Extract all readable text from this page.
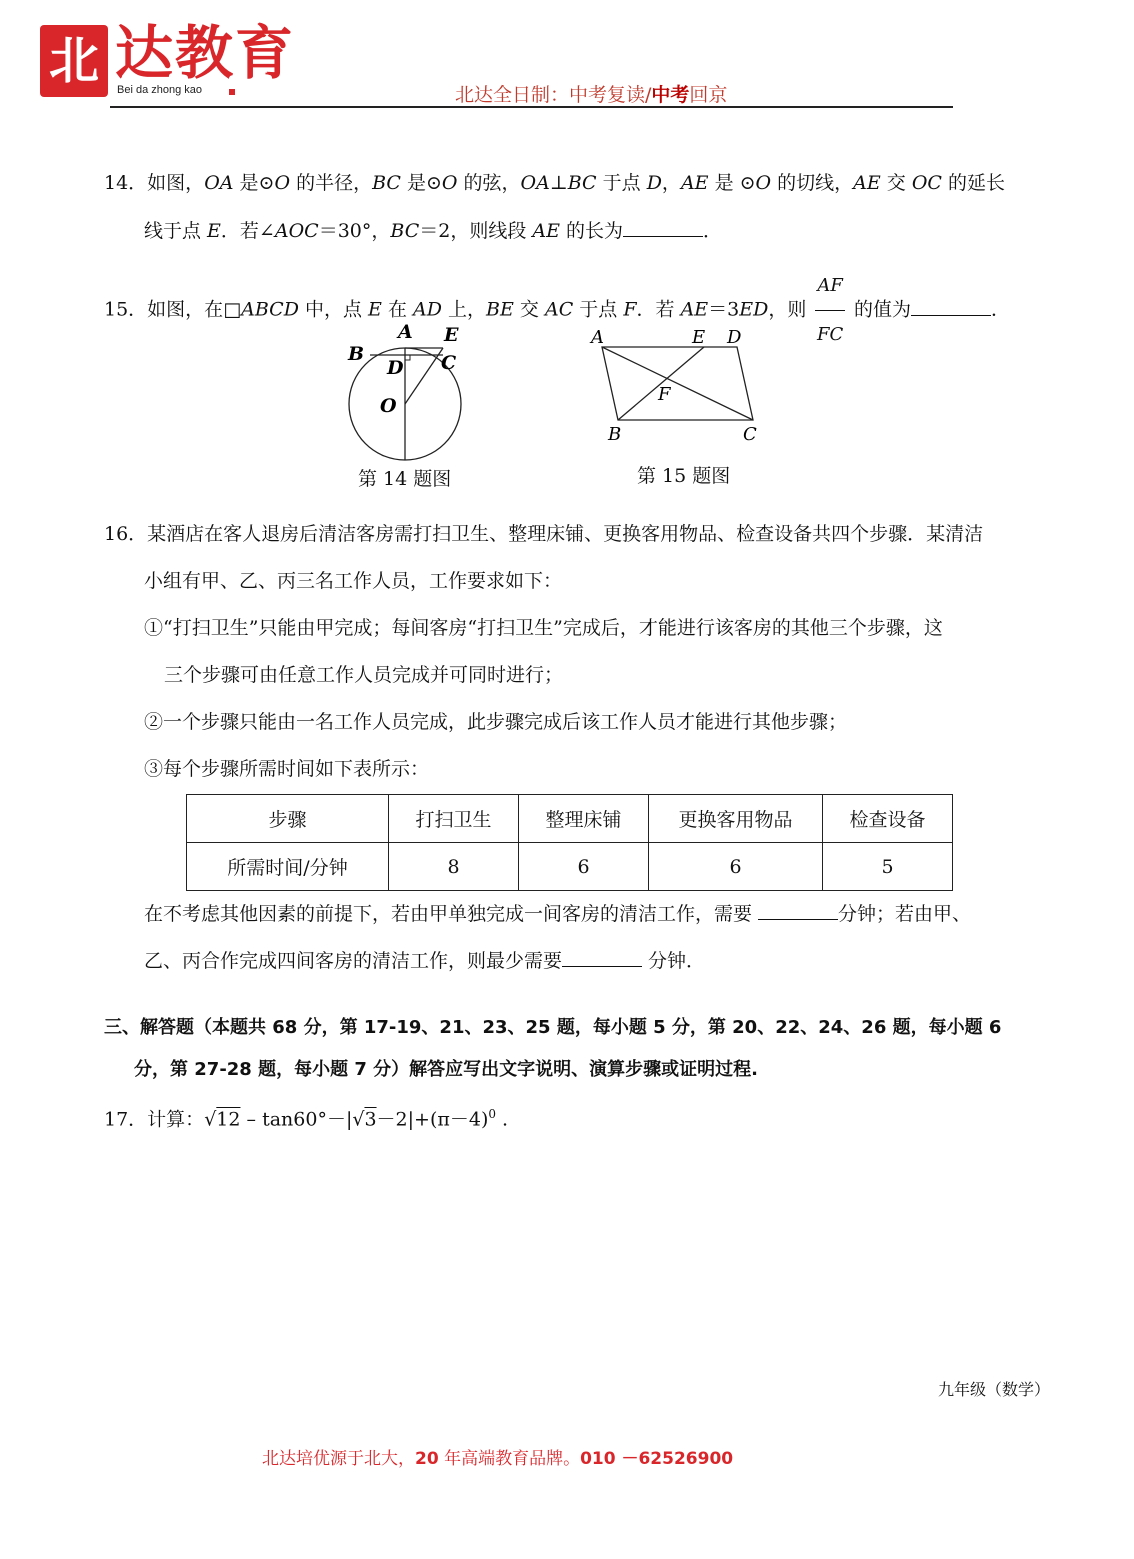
北 达教育
Bei da zhong kao	北达全日制：中考复读/中考回京
14．如图，OA 是⊙O 的半径，BC 是⊙O 的弦，OA⊥BC 于点 D，AE 是 ⊙O 的切线，AE 交 OC 的延长
线于点 E．若∠AOC＝30°，BC＝2，则线段 AE 的长为	．
15．如图，在□ABCD 中，点 E 在 AD 上，BE 交 AC 于点 F．若 AE＝3ED，则 $\frac{AF}{FC}$ 的值为	．
A E
B
D C
O
第 14 题图
A	E D
F
B	C
第 15 题图
16．某酒店在客人退房后清洁客房需打扫卫生、整理床铺、更换客用物品、检查设备共四个步骤．某清洁
小组有甲、乙、丙三名工作人员，工作要求如下：
①“打扫卫生”只能由甲完成；每间客房“打扫卫生”完成后，才能进行该客房的其他三个步骤，这
三个步骤可由任意工作人员完成并可同时进行；
②一个步骤只能由一名工作人员完成，此步骤完成后该工作人员才能进行其他步骤；
③每个步骤所需时间如下表所示：
步骤	打扫卫生	整理床铺	更换客用物品	检查设备
所需时间/分钟	8	6	6	5
在不考虑其他因素的前提下，若由甲单独完成一间客房的清洁工作，需要	分钟；若由甲、
乙、丙合作完成四间客房的清洁工作，则最少需要	分钟．
三、解答题（本题共 68 分，第 17-19、21、23、25 题，每小题 5 分，第 20、22、24、26 题，每小题 6
分，第 27-28 题，每小题 7 分）解答应写出文字说明、演算步骤或证明过程.
17．计算：$√12 - \tan 60^\circ-|√3-2|+(\pi-4)^0$ .
九年级（数学）
北达培优源于北大，20 年高端教育品牌。010 －62526900
